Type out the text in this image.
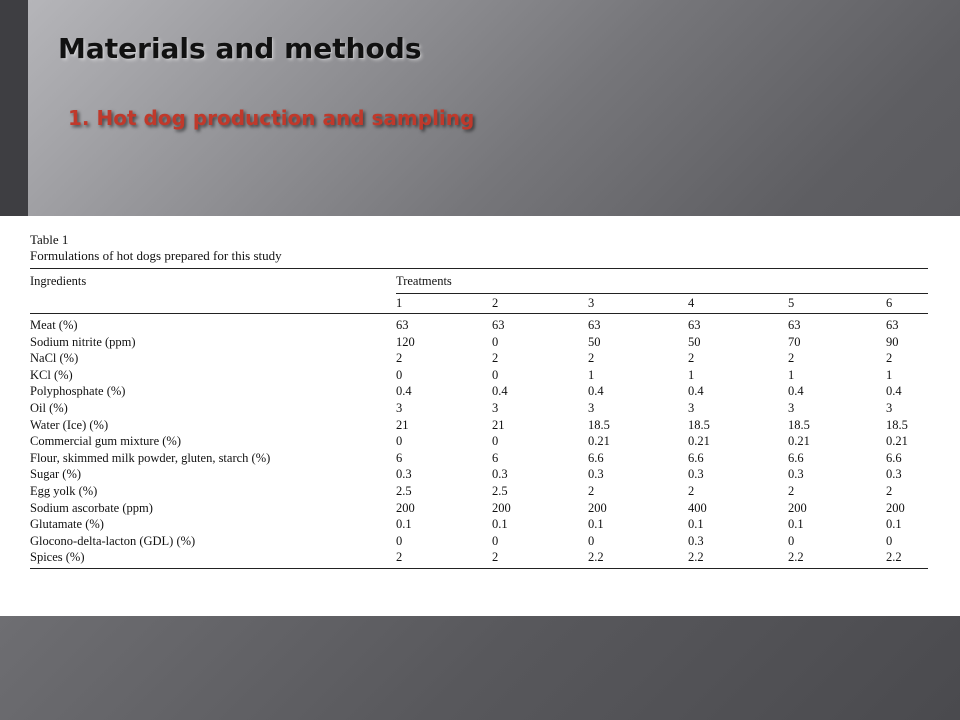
Materials and methods
1. Hot dog production and sampling
Table 1
Formulations of hot dogs prepared for this study
Ingredients	Treatments					
	1	2	3	4	5	6
Meat (%)	63	63	63	63	63	63
Sodium nitrite (ppm)	120	0	50	50	70	90
NaCl (%)	2	2	2	2	2	2
KCl (%)	0	0	1	1	1	1
Polyphosphate (%)	0.4	0.4	0.4	0.4	0.4	0.4
Oil (%)	3	3	3	3	3	3
Water (Ice) (%)	21	21	18.5	18.5	18.5	18.5
Commercial gum mixture (%)	0	0	0.21	0.21	0.21	0.21
Flour, skimmed milk powder, gluten, starch (%)	6	6	6.6	6.6	6.6	6.6
Sugar (%)	0.3	0.3	0.3	0.3	0.3	0.3
Egg yolk (%)	2.5	2.5	2	2	2	2
Sodium ascorbate (ppm)	200	200	200	400	200	200
Glutamate (%)	0.1	0.1	0.1	0.1	0.1	0.1
Glocono-delta-lacton (GDL) (%)	0	0	0	0.3	0	0
Spices (%)	2	2	2.2	2.2	2.2	2.2
